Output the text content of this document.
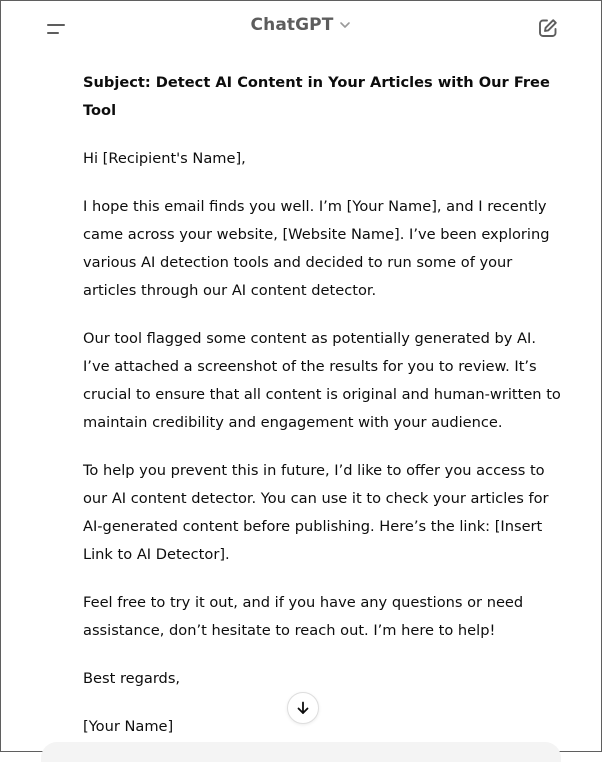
ChatGPT

Subject: Detect AI Content in Your Articles with Our Free Tool

Hi [Recipient's Name],

I hope this email finds you well. I’m [Your Name], and I recently came across your website, [Website Name]. I’ve been exploring various AI detection tools and decided to run some of your articles through our AI content detector.

Our tool flagged some content as potentially generated by AI. I’ve attached a screenshot of the results for you to review. It’s crucial to ensure that all content is original and human-written to maintain credibility and engagement with your audience.

To help you prevent this in future, I’d like to offer you access to our AI content detector. You can use it to check your articles for AI-generated content before publishing. Here’s the link: [Insert Link to AI Detector].

Feel free to try it out, and if you have any questions or need assistance, don’t hesitate to reach out. I’m here to help!

Best regards,

[Your Name]
